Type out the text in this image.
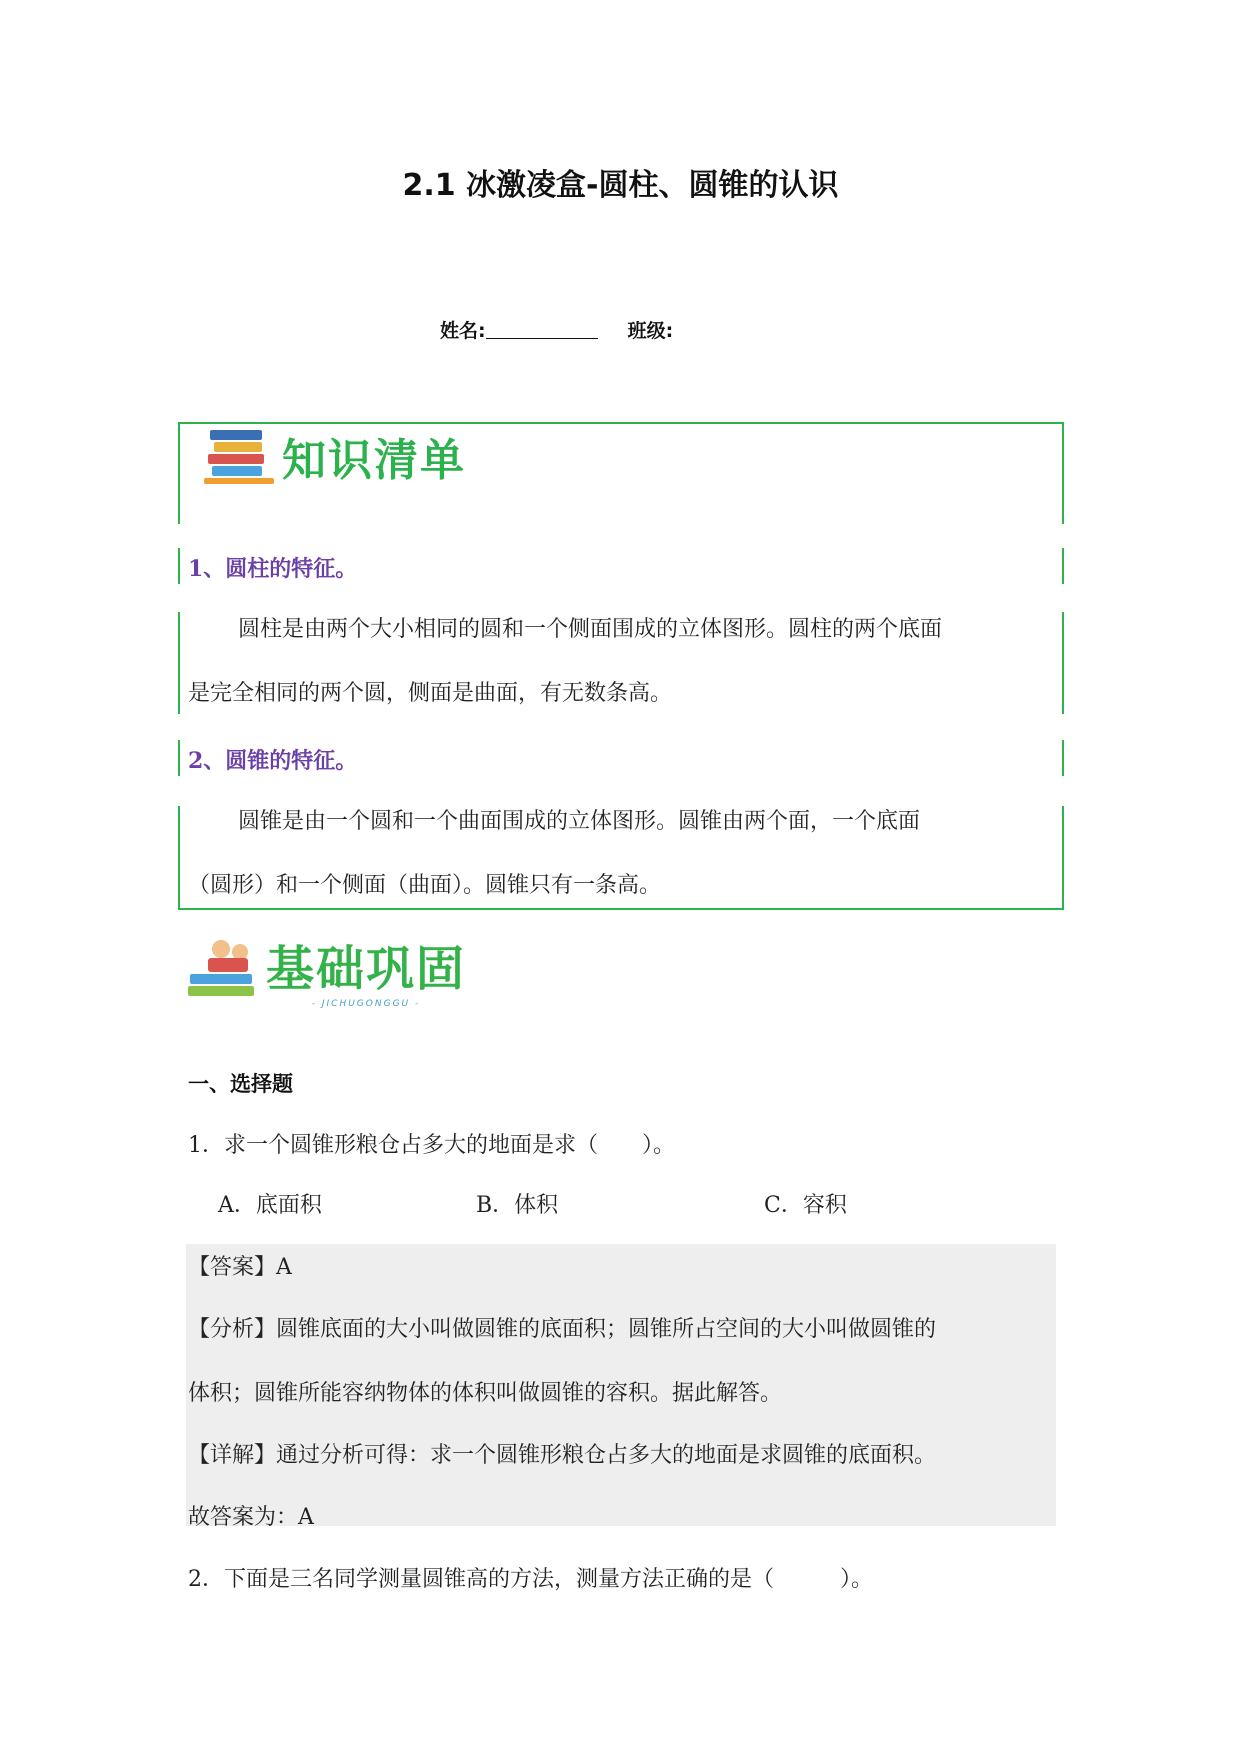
2.1 冰激凌盒-圆柱、圆锥的认识
姓名:	班级:
知识清单
1、圆柱的特征。
圆柱是由两个大小相同的圆和一个侧面围成的立体图形。圆柱的两个底面
是完全相同的两个圆，侧面是曲面，有无数条高。
2、圆锥的特征。
圆锥是由一个圆和一个曲面围成的立体图形。圆锥由两个面，一个底面
（圆形）和一个侧面（曲面）。圆锥只有一条高。
基础巩固
- JICHUGONGGU -
一、选择题
1．求一个圆锥形粮仓占多大的地面是求（　　）。
A．底面积	B．体积	C．容积
【答案】A
【分析】圆锥底面的大小叫做圆锥的底面积；圆锥所占空间的大小叫做圆锥的
体积；圆锥所能容纳物体的体积叫做圆锥的容积。据此解答。
【详解】通过分析可得：求一个圆锥形粮仓占多大的地面是求圆锥的底面积。
故答案为：A
2．下面是三名同学测量圆锥高的方法，测量方法正确的是（　　　）。
